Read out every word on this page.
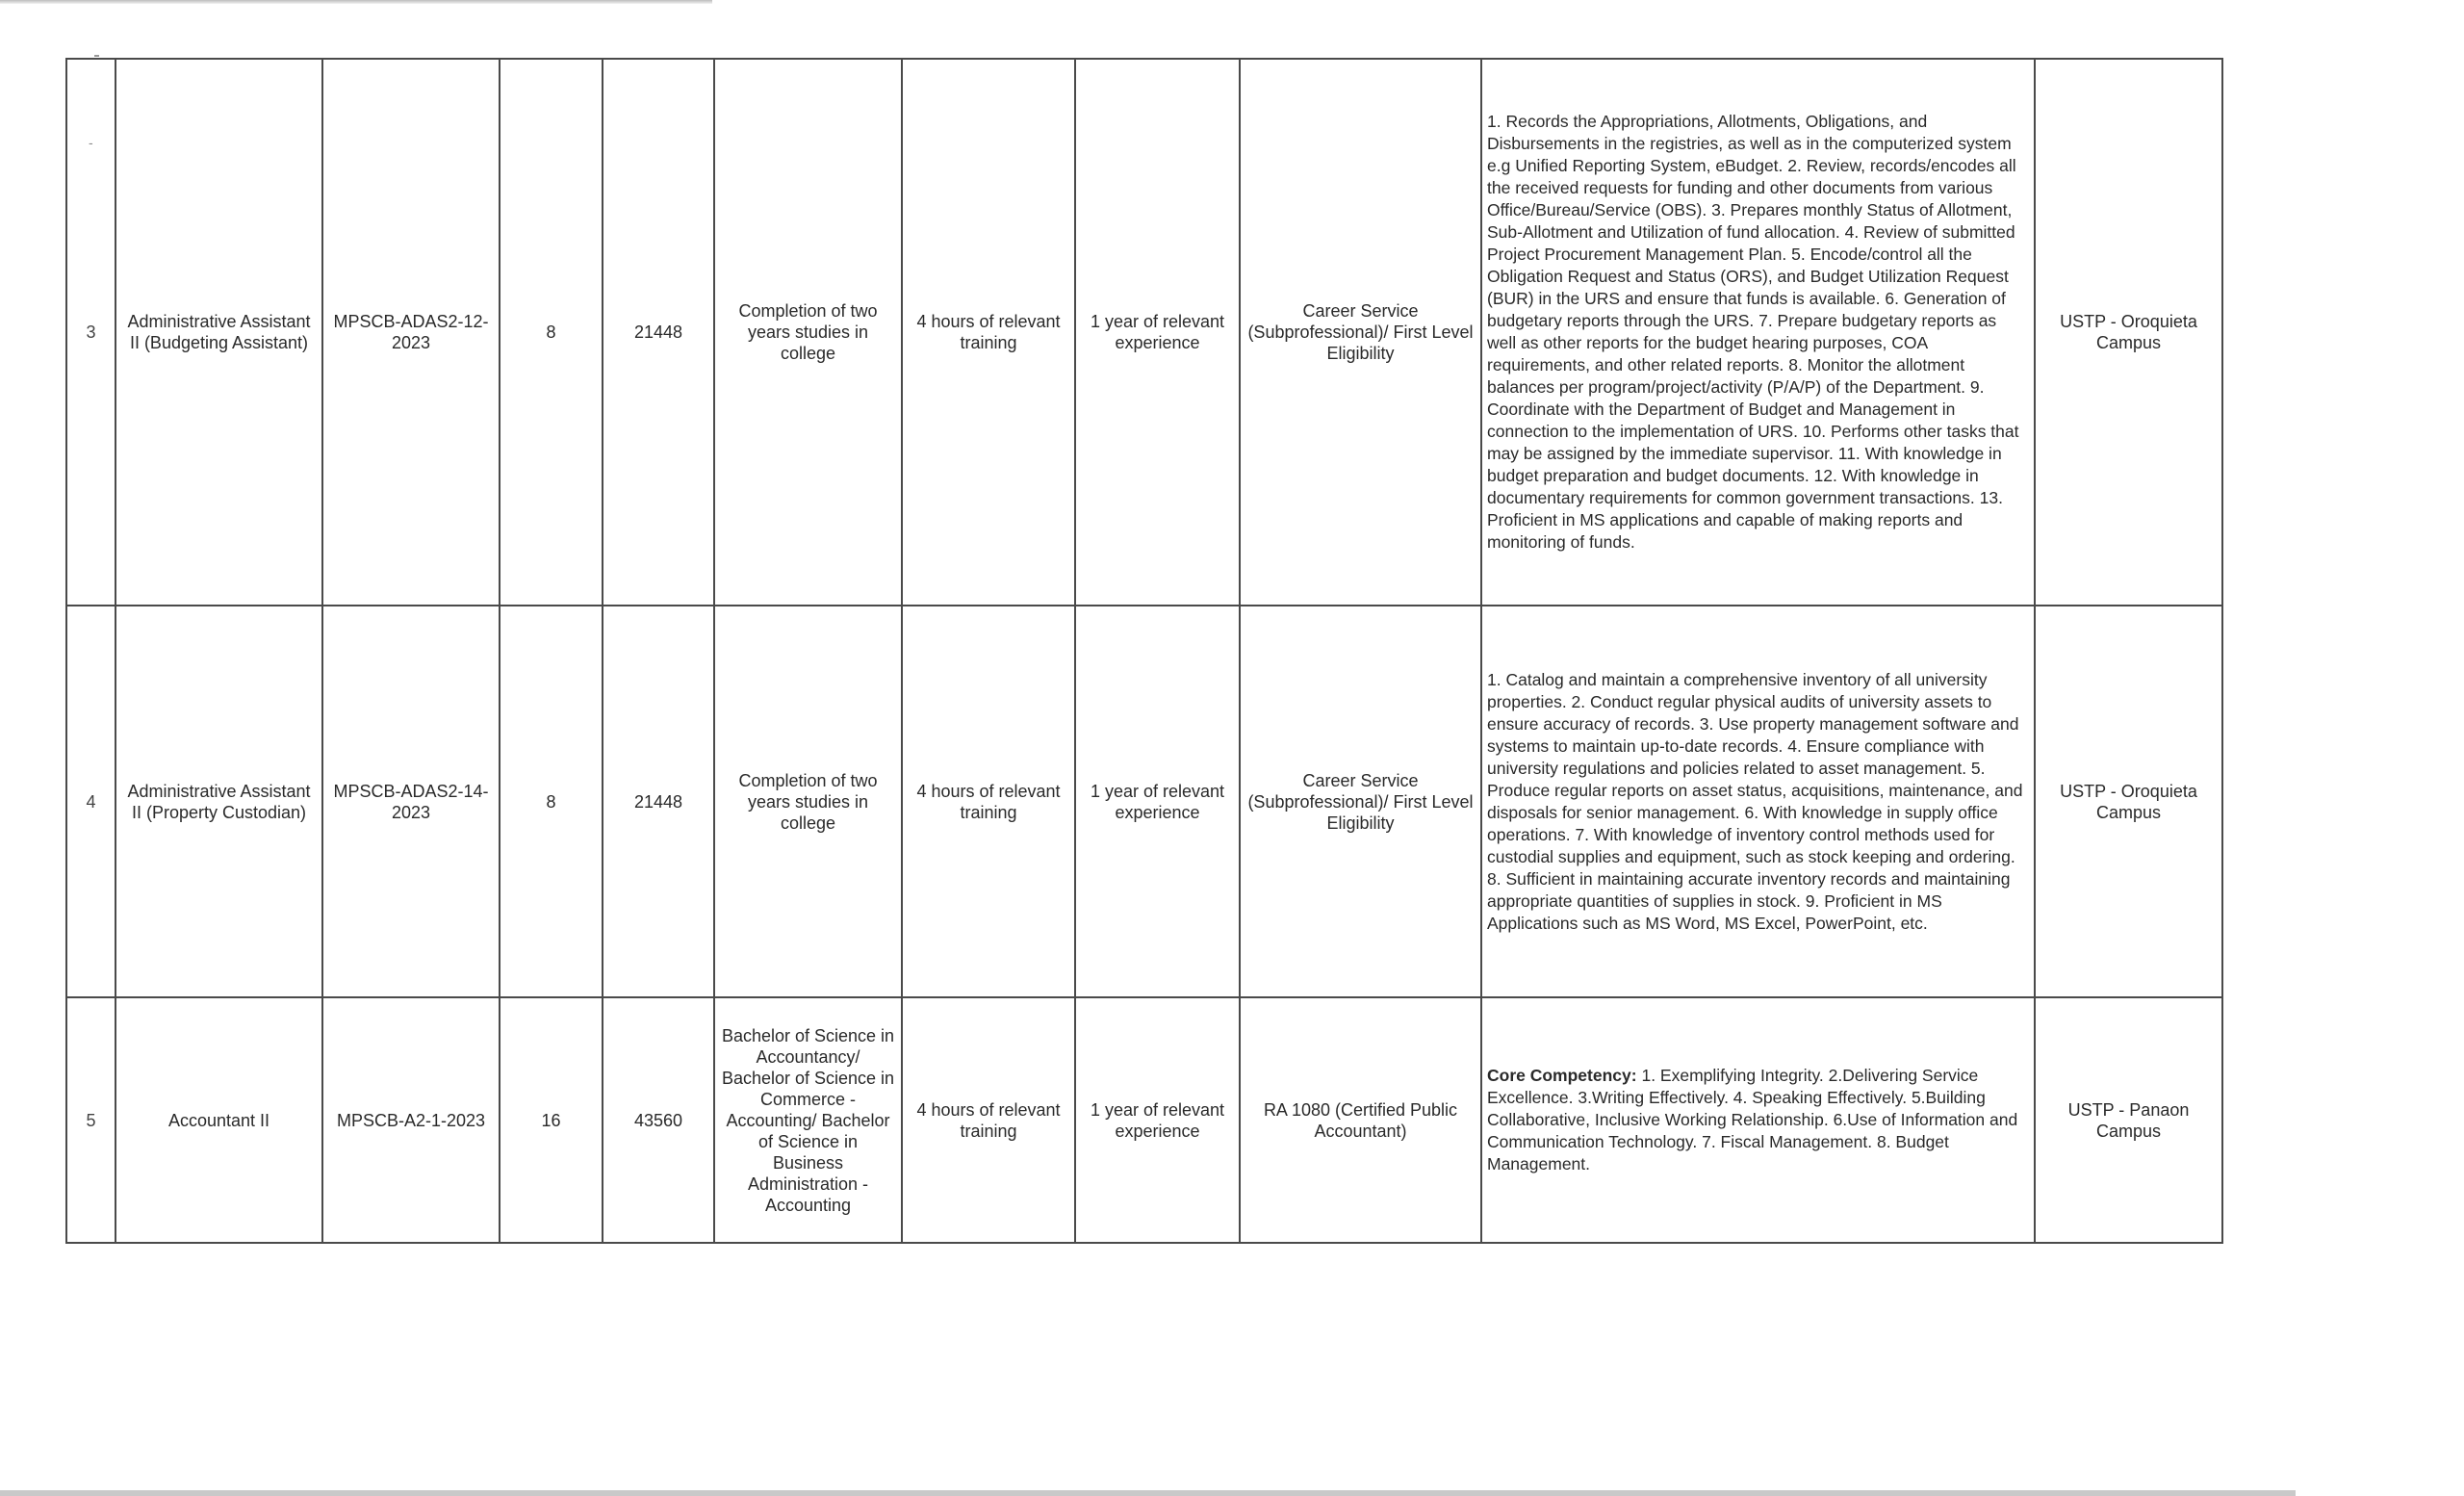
3	Administrative Assistant II (Budgeting Assistant)	MPSCB-ADAS2-12-2023	8	21448	Completion of two years studies in college	4 hours of relevant training	1 year of relevant experience	Career Service (Subprofessional)/ First Level Eligibility	1. Records the Appropriations, Allotments, Obligations, and Disbursements in the registries, as well as in the computerized system e.g Unified Reporting System, eBudget. 2. Review, records/encodes all the received requests for funding and other documents from various Office/Bureau/Service (OBS). 3. Prepares monthly Status of Allotment, Sub-Allotment and Utilization of fund allocation. 4. Review of submitted Project Procurement Management Plan. 5. Encode/control all the Obligation Request and Status (ORS), and Budget Utilization Request (BUR) in the URS and ensure that funds is available. 6. Generation of budgetary reports through the URS. 7. Prepare budgetary reports as well as other reports for the budget hearing purposes, COA requirements, and other related reports. 8. Monitor the allotment balances per program/project/activity (P/A/P) of the Department. 9. Coordinate with the Department of Budget and Management in connection to the implementation of URS. 10. Performs other tasks that may be assigned by the immediate supervisor. 11. With knowledge in budget preparation and budget documents. 12. With knowledge in documentary requirements for common government transactions. 13. Proficient in MS applications and capable of making reports and monitoring of funds.	USTP - Oroquieta Campus
4	Administrative Assistant II (Property Custodian)	MPSCB-ADAS2-14-2023	8	21448	Completion of two years studies in college	4 hours of relevant training	1 year of relevant experience	Career Service (Subprofessional)/ First Level Eligibility	1. Catalog and maintain a comprehensive inventory of all university properties. 2. Conduct regular physical audits of university assets to ensure accuracy of records. 3. Use property management software and systems to maintain up-to-date records. 4. Ensure compliance with university regulations and policies related to asset management. 5. Produce regular reports on asset status, acquisitions, maintenance, and disposals for senior management. 6. With knowledge in supply office operations. 7. With knowledge of inventory control methods used for custodial supplies and equipment, such as stock keeping and ordering. 8. Sufficient in maintaining accurate inventory records and maintaining appropriate quantities of supplies in stock. 9. Proficient in MS Applications such as MS Word, MS Excel, PowerPoint, etc.	USTP - Oroquieta Campus
5	Accountant II	MPSCB-A2-1-2023	16	43560	Bachelor of Science in Accountancy/ Bachelor of Science in Commerce - Accounting/ Bachelor of Science in Business Administration - Accounting	4 hours of relevant training	1 year of relevant experience	RA 1080 (Certified Public Accountant)	Core Competency: 1. Exemplifying Integrity. 2.Delivering Service Excellence. 3.Writing Effectively. 4. Speaking Effectively. 5.Building Collaborative, Inclusive Working Relationship. 6.Use of Information and Communication Technology. 7. Fiscal Management. 8. Budget Management.	USTP - Panaon Campus
-
